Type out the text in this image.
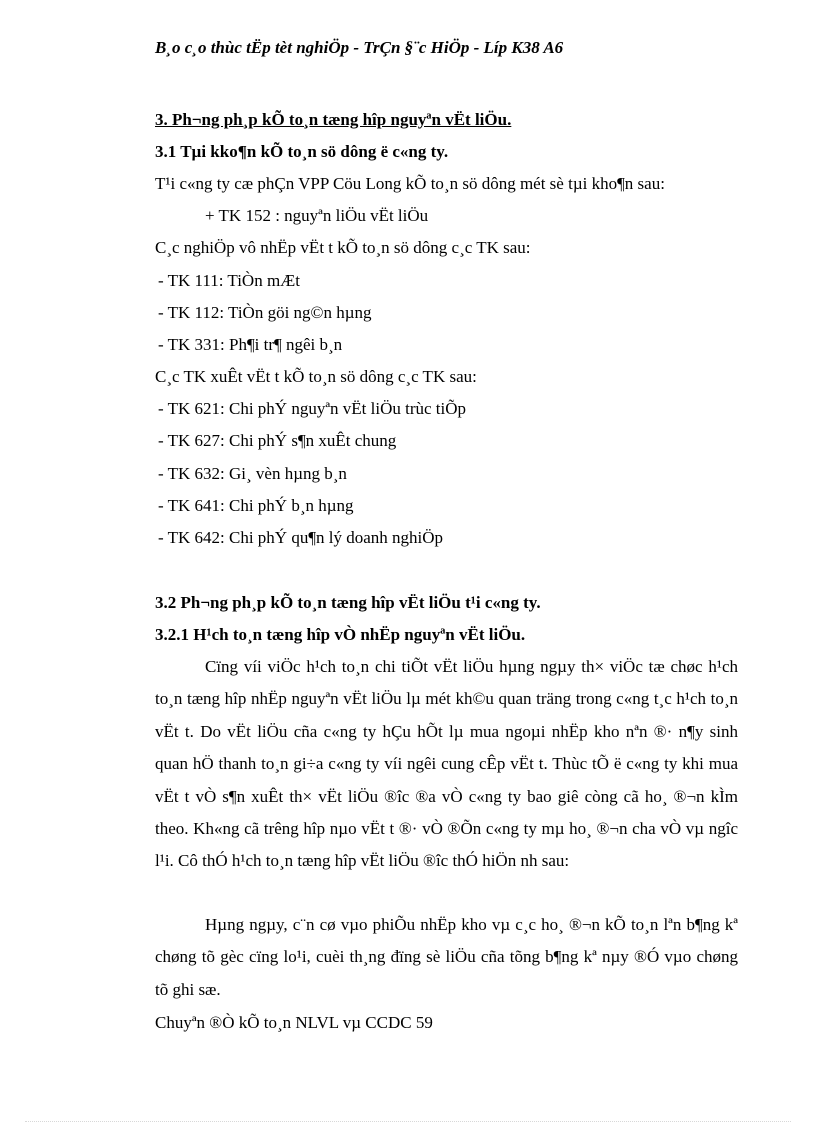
B¸o c¸o thùc tËp tèt nghiÖp - TrÇn §¨c HiÖp - Líp K38 A6
3. Ph¬ng ph¸p kÕ to¸n tæng hîp nguyªn vËt liÖu.
3.1 Tµi kko¶n kÕ to¸n sö dông ë c«ng ty.
T¹i c«ng ty cæ phÇn VPP Cöu Long kÕ to¸n sö dông mét sè tµi kho¶n sau:
+ TK 152 : nguyªn liÖu vËt liÖu
C¸c nghiÖp vô nhËp vËt t kÕ to¸n sö dông c¸c TK sau:
- TK 111: TiÒn mÆt
- TK 112: TiÒn göi ng©n hµng
- TK 331: Ph¶i tr¶ ngêi b¸n
C¸c TK xuÊt vËt t kÕ to¸n sö dông c¸c TK sau:
- TK 621: Chi phÝ nguyªn vËt liÖu trùc tiÕp
- TK 627: Chi phÝ s¶n xuÊt chung
- TK 632: Gi¸ vèn hµng b¸n
- TK 641: Chi phÝ b¸n hµng
- TK 642: Chi phÝ qu¶n lý doanh nghiÖp
3.2 Ph¬ng ph¸p kÕ to¸n tæng hîp vËt liÖu t¹i c«ng ty.
3.2.1 H¹ch to¸n tæng hîp vÒ nhËp nguyªn vËt liÖu.

Cïng víi viÖc h¹ch to¸n chi tiÕt vËt liÖu hµng ngµy th× viÖc tæ chøc h¹ch to¸n tæng hîp nhËp nguyªn vËt liÖu lµ mét kh©u quan träng trong c«ng t¸c h¹ch to¸n vËt t. Do vËt liÖu cña c«ng ty hÇu hÕt lµ mua ngoµi nhËp kho nªn ®· n¶y sinh quan hÖ thanh to¸n gi÷a c«ng ty víi ngêi cung cÊp vËt t. Thùc tÕ ë c«ng ty khi mua vËt t vÒ s¶n xuÊt th× vËt liÖu ®îc ®a vÒ c«ng ty bao giê còng cã ho¸ ®¬n kÌm theo. Kh«ng cã trêng hîp nµo vËt t ®· vÒ ®Õn c«ng ty mµ ho¸ ®¬n cha vÒ vµ ngîc l¹i. Cô thÓ h¹ch to¸n tæng hîp vËt liÖu ®îc thÓ hiÖn nh sau:

Hµng ngµy, c¨n cø vµo phiÕu nhËp kho vµ c¸c ho¸ ®¬n kÕ to¸n lªn b¶ng kª chøng tõ gèc cïng lo¹i, cuèi th¸ng đïng sè liÖu cña tõng b¶ng kª nµy ®Ó vµo chøng tõ ghi sæ.

Chuyªn ®Ò kÕ to¸n NLVL vµ CCDC 59
